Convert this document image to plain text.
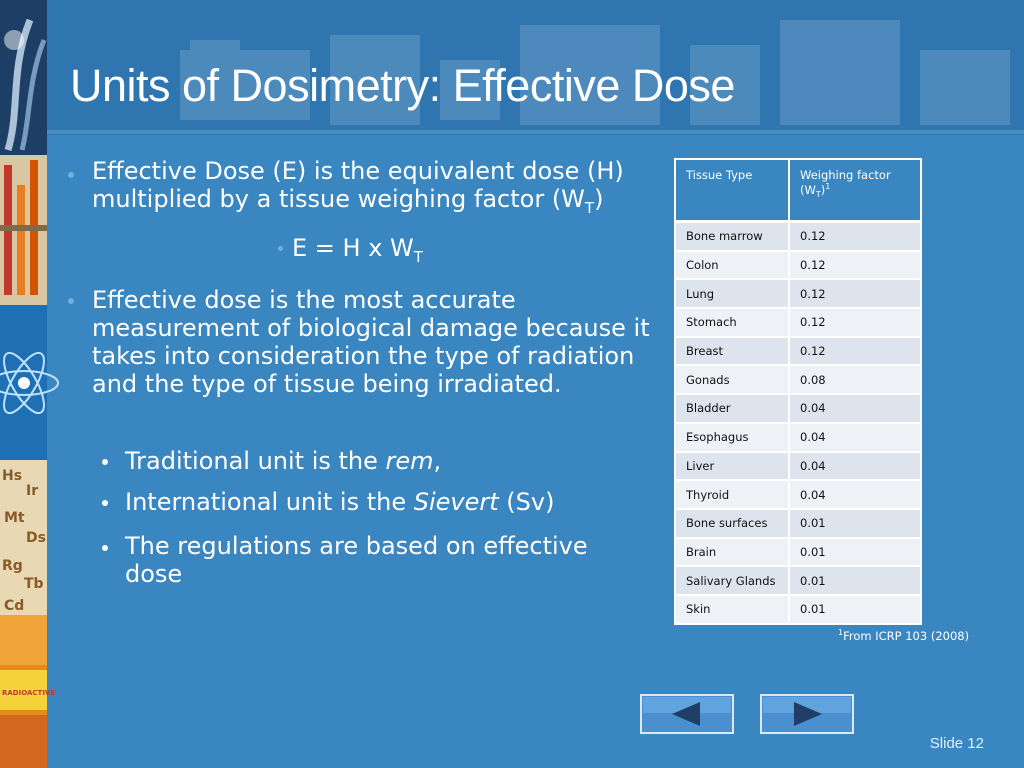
Hs
Ir
Mt
Ds
Rg
Tb
Cd
RADIOACTIVE
Units of Dosimetry: Effective Dose
Effective Dose (E) is the equivalent dose (H) multiplied by a tissue weighing factor $(W_T)$
E = H x $W_T$
Effective dose is the most accurate measurement of biological damage because it takes into consideration the type of radiation and the type of tissue being irradiated.
Traditional unit is the rem,
International unit is the Sievert (Sv)
The regulations are based on effective dose
Tissue Type	Weighing factor $(W_T)^1$
Bone marrow	0.12
Colon	0.12
Lung	0.12
Stomach	0.12
Breast	0.12
Gonads	0.08
Bladder	0.04
Esophagus	0.04
Liver	0.04
Thyroid	0.04
Bone surfaces	0.01
Brain	0.01
Salivary Glands	0.01
Skin	0.01
$^1$From ICRP 103 (2008)
Slide 12
